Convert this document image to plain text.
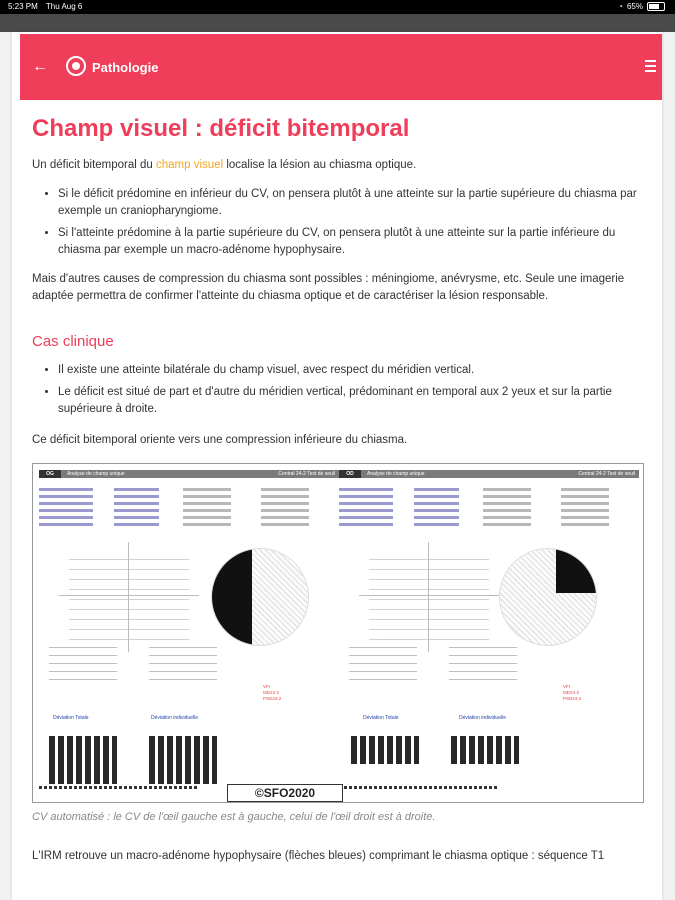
5:23 PM Thu Aug 6	◔ 65%
←	Pathologie
Champ visuel : déficit bitemporal

Un déficit bitemporal du champ visuel localise la lésion au chiasma optique.

• Si le déficit prédomine en inférieur du CV, on pensera plutôt à une atteinte sur la partie supérieure du chiasma par exemple un craniopharyngiome.
• Si l'atteinte prédomine à la partie supérieure du CV, on pensera plutôt à une atteinte sur la partie inférieure du chiasma par exemple un macro-adénome hypophysaire.

Mais d'autres causes de compression du chiasma sont possibles : méningiome, anévrysme, etc. Seule une imagerie adaptée permettra de confirmer l'atteinte du chiasma optique et de caractériser la lésion responsable.

Cas clinique
• Il existe une atteinte bilatérale du champ visuel, avec respect du méridien vertical.
• Le déficit est situé de part et d'autre du méridien vertical, prédominant en temporal aux 2 yeux et sur la partie supérieure à droite.

Ce déficit bitemporal oriente vers une compression inférieure du chiasma.

OG	Analyse de champ unique	Central 24-2 Test de seuil
VFI
MD24-2
PSD24-2
Déviation Totale	Déviation individuelle
OD	Analyse de champ unique	Central 24-2 Test de seuil
VFI
MD24-2
PSD24-2
Déviation Totale	Déviation individuelle
©SFO2020

CV automatisé : le CV de l'œil gauche est à gauche, celui de l'œil droit est à droite.

L'IRM retrouve un macro-adénome hypophysaire (flèches bleues) comprimant le chiasma optique : séquence T1
